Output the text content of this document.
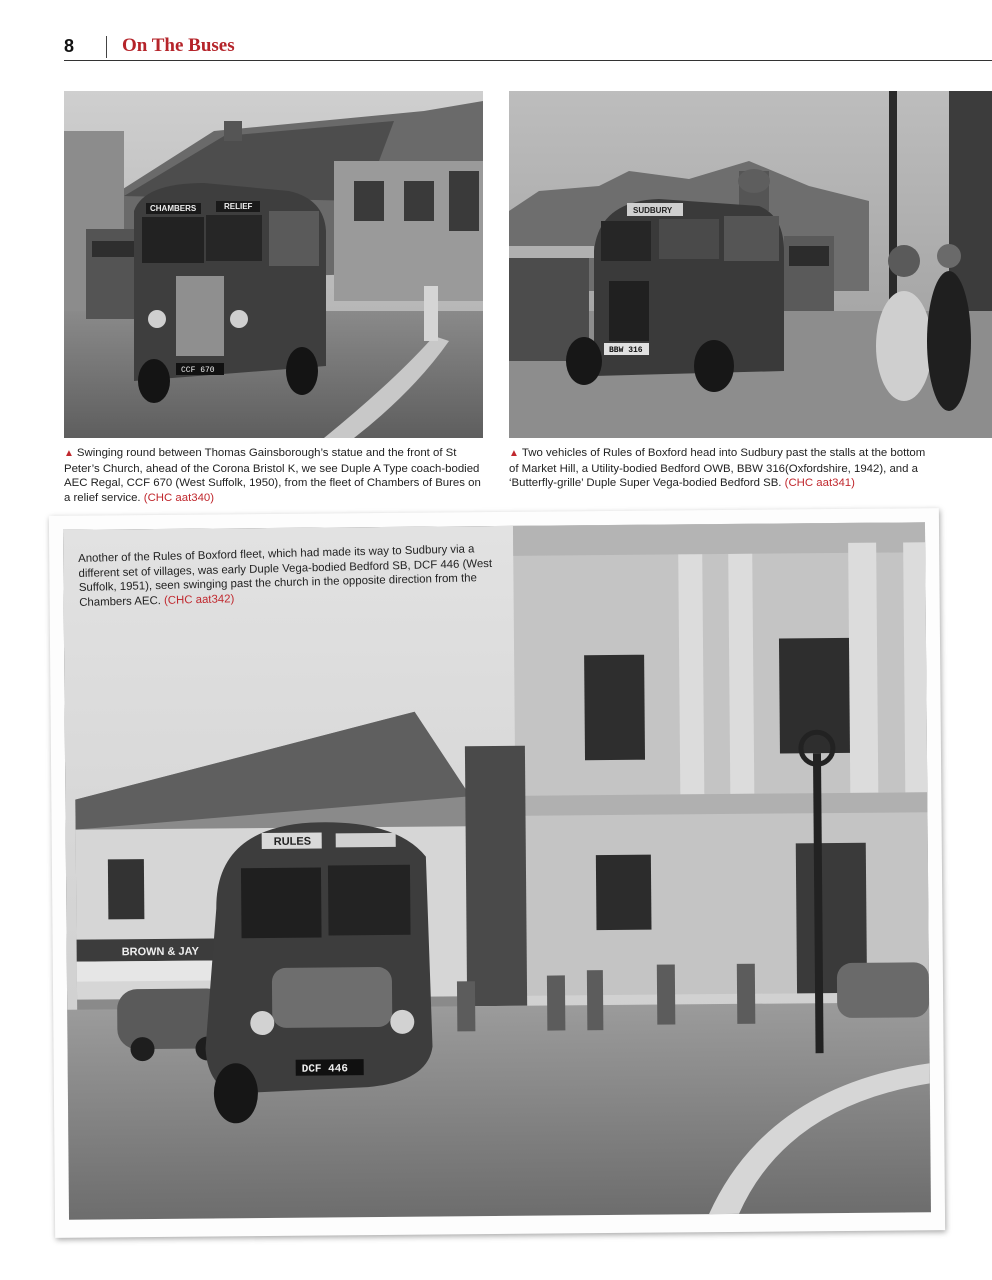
8	On The Buses
CHAMBERS	RELIEF
CCF 670
SUDBURY
BBW 316
▲ Swinging round between Thomas Gainsborough’s statue and the front of St Peter’s Church, ahead of the Corona Bristol K, we see Duple A Type coach-bodied AEC Regal, CCF 670 (West Suffolk, 1950), from the fleet of Chambers of Bures on a relief service. (CHC aat340)
▲ Two vehicles of Rules of Boxford head into Sudbury past the stalls at the bottom of Market Hill, a Utility-bodied Bedford OWB, BBW 316(Oxfordshire, 1942), and a ‘Butterfly-grille’ Duple Super Vega-bodied Bedford SB. (CHC aat341)
RULES
BROWN & JAY
DCF 446
Another of the Rules of Boxford fleet, which had made its way to Sudbury via a different set of villages, was early Duple Vega-bodied Bedford SB, DCF 446 (West Suffolk, 1951), seen swinging past the church in the opposite direction from the Chambers AEC. (CHC aat342)
